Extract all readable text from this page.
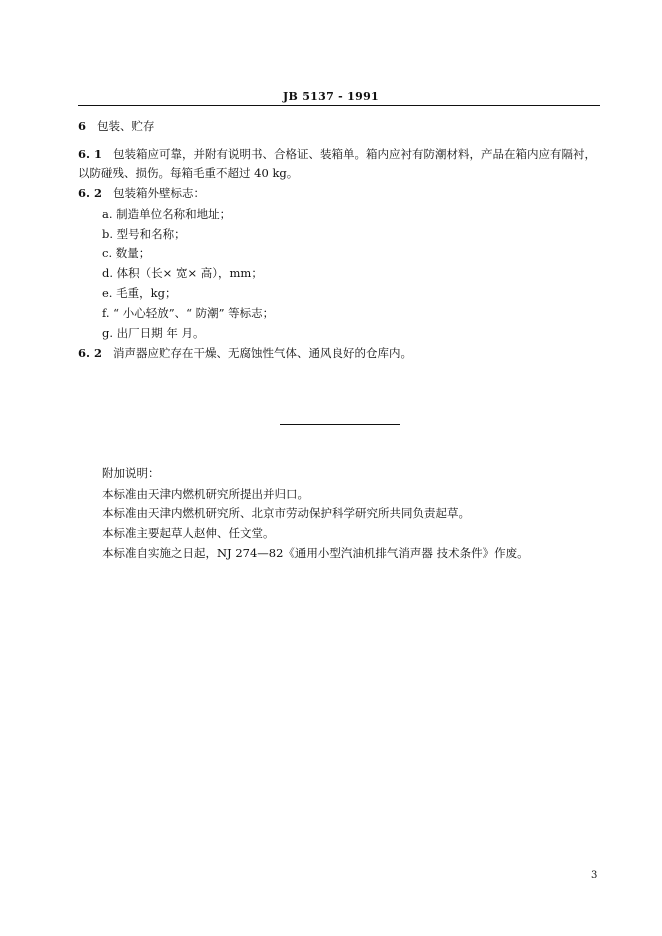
JB 5137 - 1991
6 包装、贮存
6. 1 包装箱应可靠，并附有说明书、合格证、装箱单。箱内应衬有防潮材料，产品在箱内应有隔衬，
以防碰残、损伤。每箱毛重不超过 40 kg。
6. 2 包装箱外壁标志：
a. 制造单位名称和地址；
b. 型号和名称；
c. 数量；
d. 体积（长× 宽× 高），mm；
e. 毛重，kg；
f. “ 小心轻放”、“ 防潮” 等标志；
g. 出厂日期 年 月。
6. 2 消声器应贮存在干燥、无腐蚀性气体、通风良好的仓库内。
附加说明：
本标准由天津内燃机研究所提出并归口。
本标准由天津内燃机研究所、北京市劳动保护科学研究所共同负责起草。
本标准主要起草人赵伸、任文堂。
本标准自实施之日起，NJ 274—82《通用小型汽油机排气消声器 技术条件》作废。
3
